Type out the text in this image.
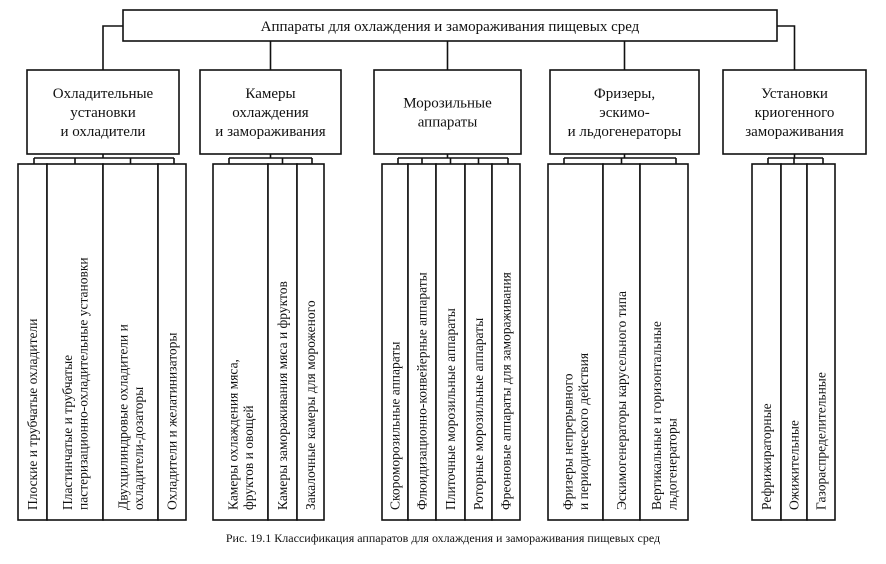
Аппараты для охлаждения и замораживания пищевых сред
Охладительные
установки
и охладители
Плоские и трубчатые охладители Пластинчатые и трубчатые пастеризационно-охладительные установки Двухцилиндровые охладители и охладители-дозаторы Охладители и желатинизаторы
Камеры
охлаждения
и замораживания
Камеры охлаждения мяса, фруктов и овощей Камеры замораживания мяса и фруктов Закалочные камеры для мороженого
Морозильные
аппараты
Скороморозильные аппараты Флюидизационно-конвейерные аппараты Плиточные морозильные аппараты Роторные морозильные аппараты Фреоновые аппараты для замораживания
Фризеры,
эскимо-
и льдогенераторы
Фризеры непрерывного и периодического действия Эскимогенераторы карусельного типа Вертикальные и горизонтальные льдогенераторы
Установки
криогенного
замораживания
Рефрижираторные Ожижительные Газораспределительные
Рис. 19.1 Классификация аппаратов для охлаждения и замораживания пищевых сред
